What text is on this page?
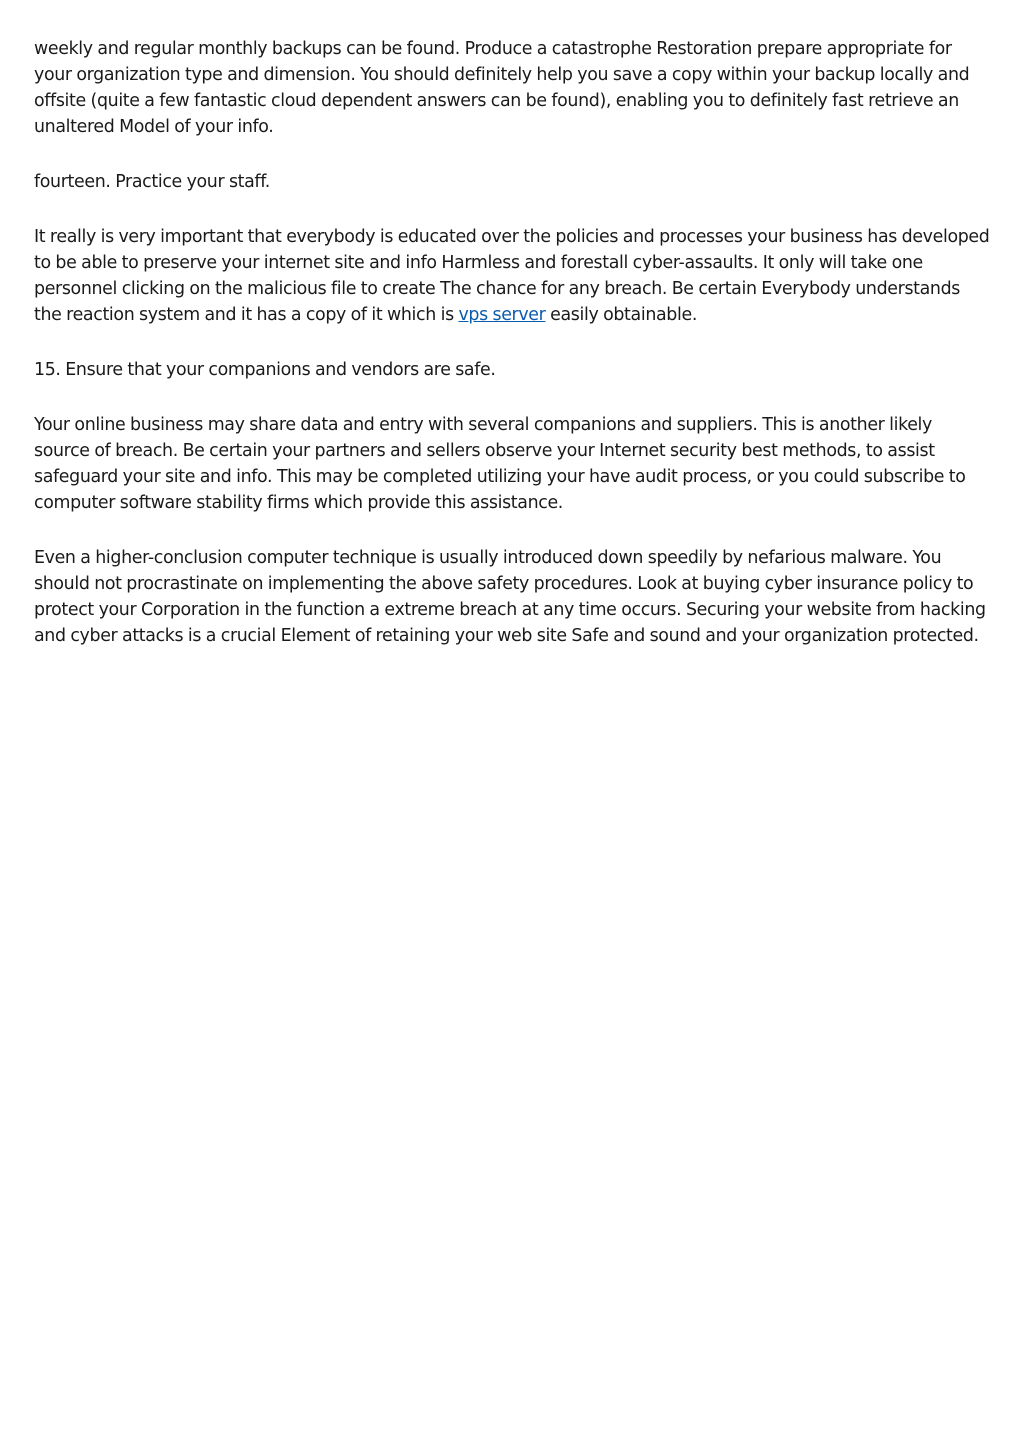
weekly and regular monthly backups can be found. Produce a catastrophe Restoration prepare appropriate for your organization type and dimension. You should definitely help you save a copy within your backup locally and offsite (quite a few fantastic cloud dependent answers can be found), enabling you to definitely fast retrieve an unaltered Model of your info.

fourteen. Practice your staff.

It really is very important that everybody is educated over the policies and processes your business has developed to be able to preserve your internet site and info Harmless and forestall cyber-assaults. It only will take one personnel clicking on the malicious file to create The chance for any breach. Be certain Everybody understands the reaction system and it has a copy of it which is vps server easily obtainable.

15. Ensure that your companions and vendors are safe.

Your online business may share data and entry with several companions and suppliers. This is another likely source of breach. Be certain your partners and sellers observe your Internet security best methods, to assist safeguard your site and info. This may be completed utilizing your have audit process, or you could subscribe to computer software stability firms which provide this assistance.

Even a higher-conclusion computer technique is usually introduced down speedily by nefarious malware. You should not procrastinate on implementing the above safety procedures. Look at buying cyber insurance policy to protect your Corporation in the function a extreme breach at any time occurs. Securing your website from hacking and cyber attacks is a crucial Element of retaining your web site Safe and sound and your organization protected.
